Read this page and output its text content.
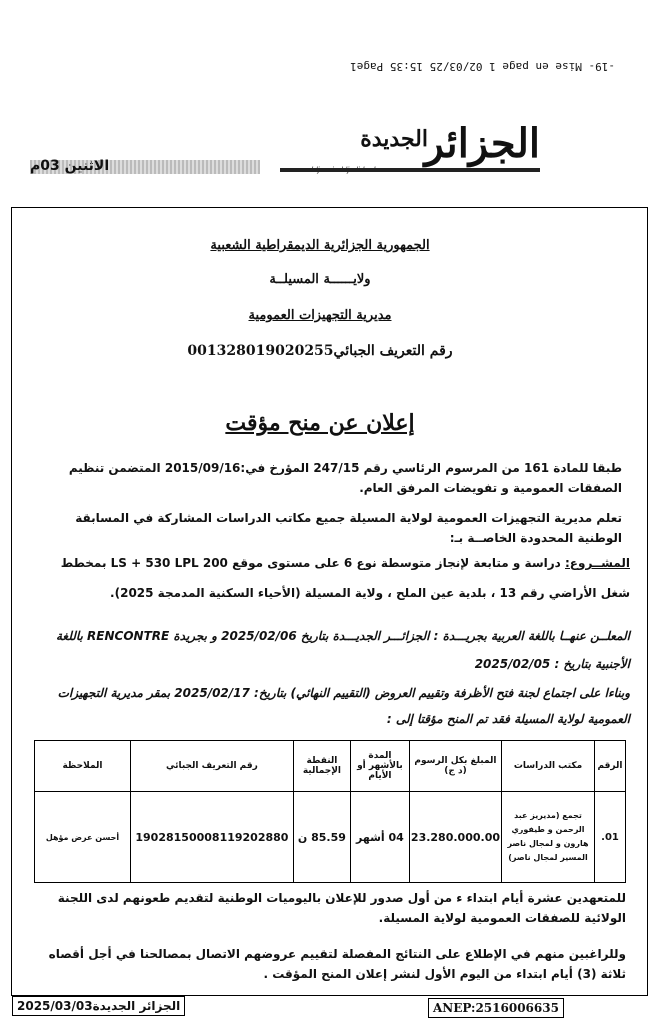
-19- Mise en page 1 02/03/25 15:35 Page1
الجزائر
الجديدة
الاثنين 03م
الجمهورية الجزائرية الديمقراطية الشعبية
ولايــــــة المسيلــة
مديرية التجهيزات العمومية
رقم التعريف الجبائي001328019020255
إعلان عن منح مؤقت
طبقا للمادة 161 من المرسوم الرئاسي رقم 247/15 المؤرخ في:2015/09/16 المتضمن تنظيم الصفقات العمومية و تفويضات المرفق العام.
تعلم مديرية التجهيزات العمومية لولاية المسيلة جميع مكاتب الدراسات المشاركة في المسابقة الوطنية المحدودة الخاصــة بـ:
المشــروع: دراسة و متابعة لإنجاز متوسطة نوع 6 على مستوى موقع 200 LS + 530 LPL بمخطط شغل الأراضي رقم 13 ، بلدية عين الملح ، ولاية المسيلة (الأحياء السكنية المدمجة 2025).
المعلــن عنهــا باللغة العربية بجريـــدة : الجزائـــر الجديـــدة بتاريخ 2025/02/06 و بجريدة RENCONTRE باللغة الأجنبية بتاريخ : 2025/02/05
وبناءا على اجتماع لجنة فتح الأظرفة وتقييم العروض (التقييم النهائي) بتاريخ: 2025/02/17 بمقر مديرية التجهيزات العمومية لولاية المسيلة فقد تم المنح مؤقتا إلى :
الرقم	مكتب الدراسات	المبلغ بكل الرسوم (د ج)	المدة بالأشهر أو الأيام	النقطة الإجمالية	رقم التعريف الجبائي	الملاحظة
01.	تجمع (مديريز عبد الرحمن و طيفوري هارون و لمجال ناصر المسير لمجال ناصر)	23.280.000.00	04 أشهر	85.59 ن	190281500081192028​80	أحسن عرض مؤهل
للمتعهدين عشرة أيام ابتداء ء من أول صدور للإعلان باليوميات الوطنية لتقديم طعونهم لدى اللجنة الولائية للصفقات العمومية لولاية المسيلة.
وللراغبين منهم في الإطلاع على النتائج المفصلة لتقييم عروضهم الاتصال بمصالحنا في أجل أقصاه ثلاثة (3) أيام ابتداء من اليوم الأول لنشر إعلان المنح المؤقت .
الجزائر الجديدة2025/03/03	ANEP:2516006635
